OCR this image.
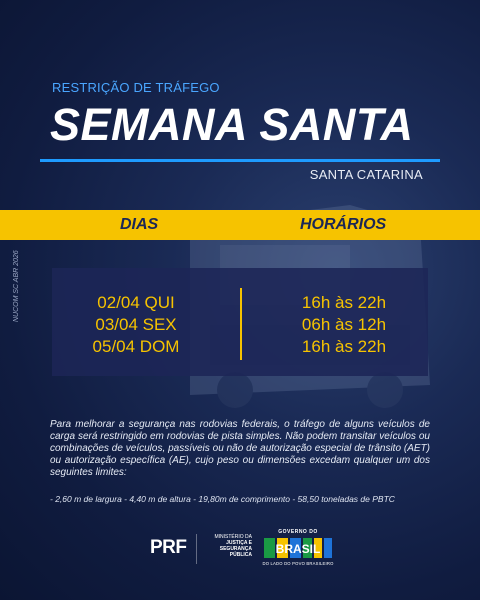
RESTRIÇÃO DE TRÁFEGO
SEMANA SANTA
SANTA CATARINA
DIAS	HORÁRIOS
02/04 QUI
03/04 SEX
05/04 DOM
16h às 22h
06h às 12h
16h às 22h
NUCOM SC ABR 2026
Para melhorar a segurança nas rodovias federais, o tráfego de alguns veículos de carga será restringido em rodovias de pista simples. Não podem transitar veículos ou combinações de veículos, passíveis ou não de autorização especial de trânsito (AET) ou autorização específica (AE), cujo peso ou dimensões excedam qualquer um dos seguintes limites:
- 2,60 m de largura - 4,40 m de altura - 19,80m de comprimento - 58,50 toneladas de PBTC
PRF	MINISTÉRIO DA
JUSTIÇA E
SEGURANÇA PÚBLICA
GOVERNO DO
BRASIL
DO LADO DO POVO BRASILEIRO
